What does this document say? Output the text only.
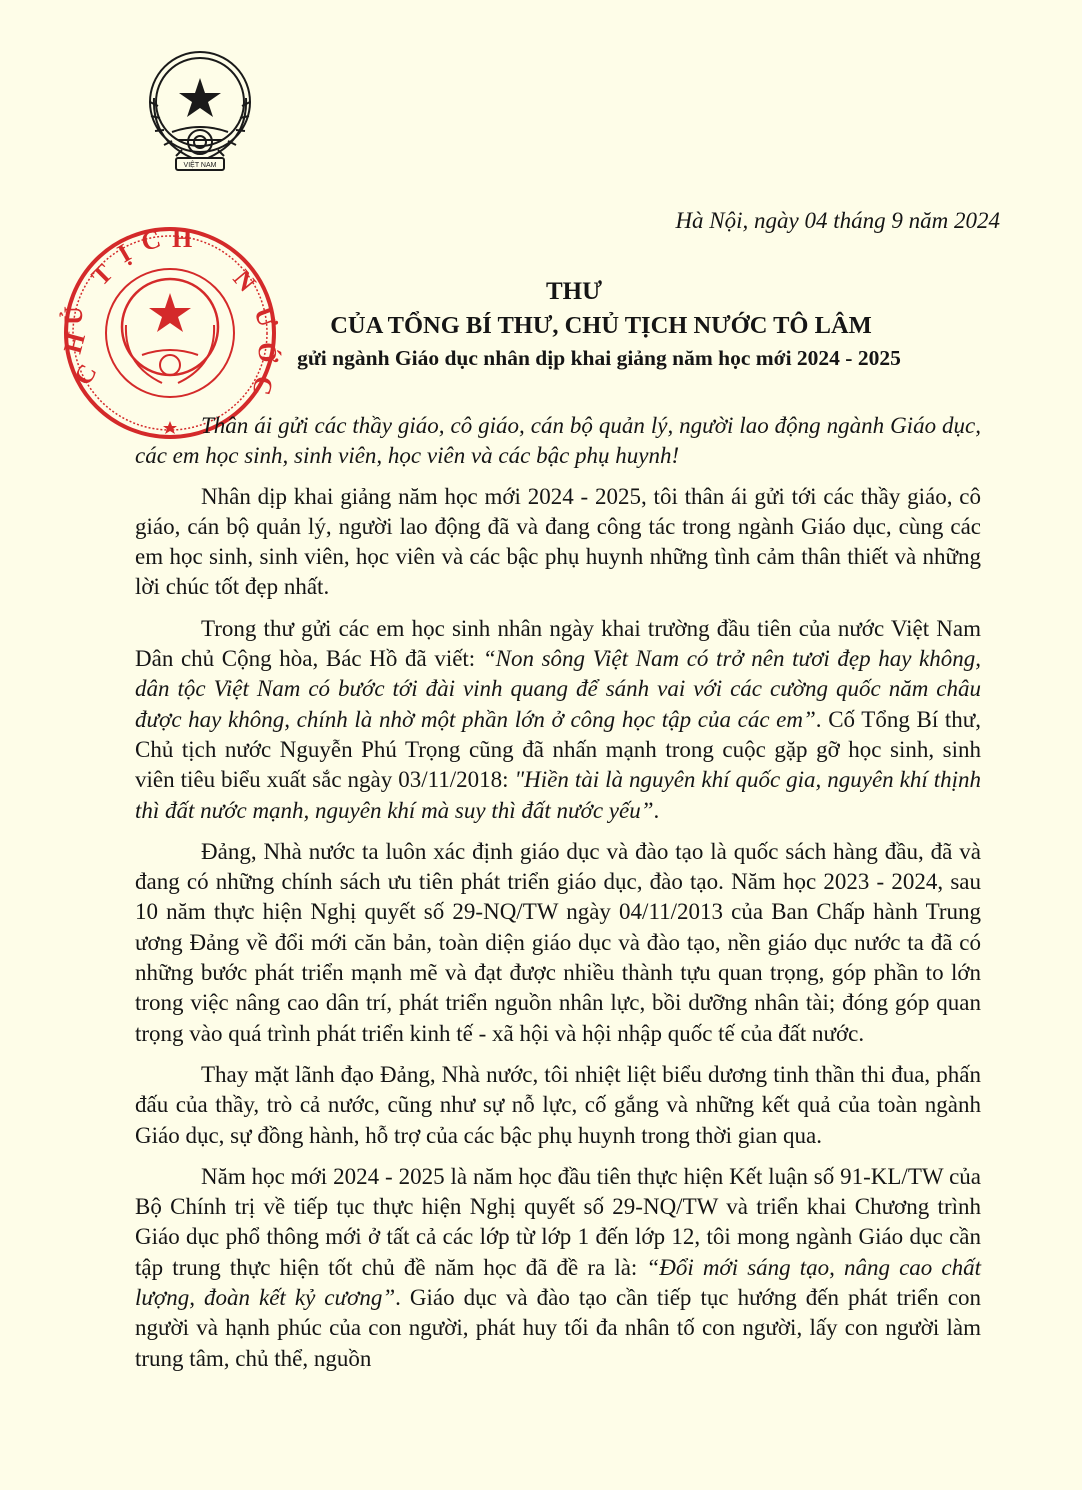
VIỆT NAM
C
H
Ủ
T
Ị C H
N
Ư
Ớ
C
Hà Nội, ngày 04 tháng 9 năm 2024
THƯ
CỦA TỔNG BÍ THƯ, CHỦ TỊCH NƯỚC TÔ LÂM
gửi ngành Giáo dục nhân dịp khai giảng năm học mới 2024 - 2025

Thân ái gửi các thầy giáo, cô giáo, cán bộ quản lý, người lao động ngành Giáo dục, các em học sinh, sinh viên, học viên và các bậc phụ huynh!

Nhân dịp khai giảng năm học mới 2024 - 2025, tôi thân ái gửi tới các thầy giáo, cô giáo, cán bộ quản lý, người lao động đã và đang công tác trong ngành Giáo dục, cùng các em học sinh, sinh viên, học viên và các bậc phụ huynh những tình cảm thân thiết và những lời chúc tốt đẹp nhất.

Trong thư gửi các em học sinh nhân ngày khai trường đầu tiên của nước Việt Nam Dân chủ Cộng hòa, Bác Hồ đã viết: “Non sông Việt Nam có trở nên tươi đẹp hay không, dân tộc Việt Nam có bước tới đài vinh quang để sánh vai với các cường quốc năm châu được hay không, chính là nhờ một phần lớn ở công học tập của các em”. Cố Tổng Bí thư, Chủ tịch nước Nguyễn Phú Trọng cũng đã nhấn mạnh trong cuộc gặp gỡ học sinh, sinh viên tiêu biểu xuất sắc ngày 03/11/2018: "Hiền tài là nguyên khí quốc gia, nguyên khí thịnh thì đất nước mạnh, nguyên khí mà suy thì đất nước yếu”.

Đảng, Nhà nước ta luôn xác định giáo dục và đào tạo là quốc sách hàng đầu, đã và đang có những chính sách ưu tiên phát triển giáo dục, đào tạo. Năm học 2023 - 2024, sau 10 năm thực hiện Nghị quyết số 29-NQ/TW ngày 04/11/2013 của Ban Chấp hành Trung ương Đảng về đổi mới căn bản, toàn diện giáo dục và đào tạo, nền giáo dục nước ta đã có những bước phát triển mạnh mẽ và đạt được nhiều thành tựu quan trọng, góp phần to lớn trong việc nâng cao dân trí, phát triển nguồn nhân lực, bồi dưỡng nhân tài; đóng góp quan trọng vào quá trình phát triển kinh tế - xã hội và hội nhập quốc tế của đất nước.

Thay mặt lãnh đạo Đảng, Nhà nước, tôi nhiệt liệt biểu dương tinh thần thi đua, phấn đấu của thầy, trò cả nước, cũng như sự nỗ lực, cố gắng và những kết quả của toàn ngành Giáo dục, sự đồng hành, hỗ trợ của các bậc phụ huynh trong thời gian qua.

Năm học mới 2024 - 2025 là năm học đầu tiên thực hiện Kết luận số 91-KL/TW của Bộ Chính trị về tiếp tục thực hiện Nghị quyết số 29-NQ/TW và triển khai Chương trình Giáo dục phổ thông mới ở tất cả các lớp từ lớp 1 đến lớp 12, tôi mong ngành Giáo dục cần tập trung thực hiện tốt chủ đề năm học đã đề ra là: “Đổi mới sáng tạo, nâng cao chất lượng, đoàn kết kỷ cương”. Giáo dục và đào tạo cần tiếp tục hướng đến phát triển con người và hạnh phúc của con người, phát huy tối đa nhân tố con người, lấy con người làm trung tâm, chủ thể, nguồn
